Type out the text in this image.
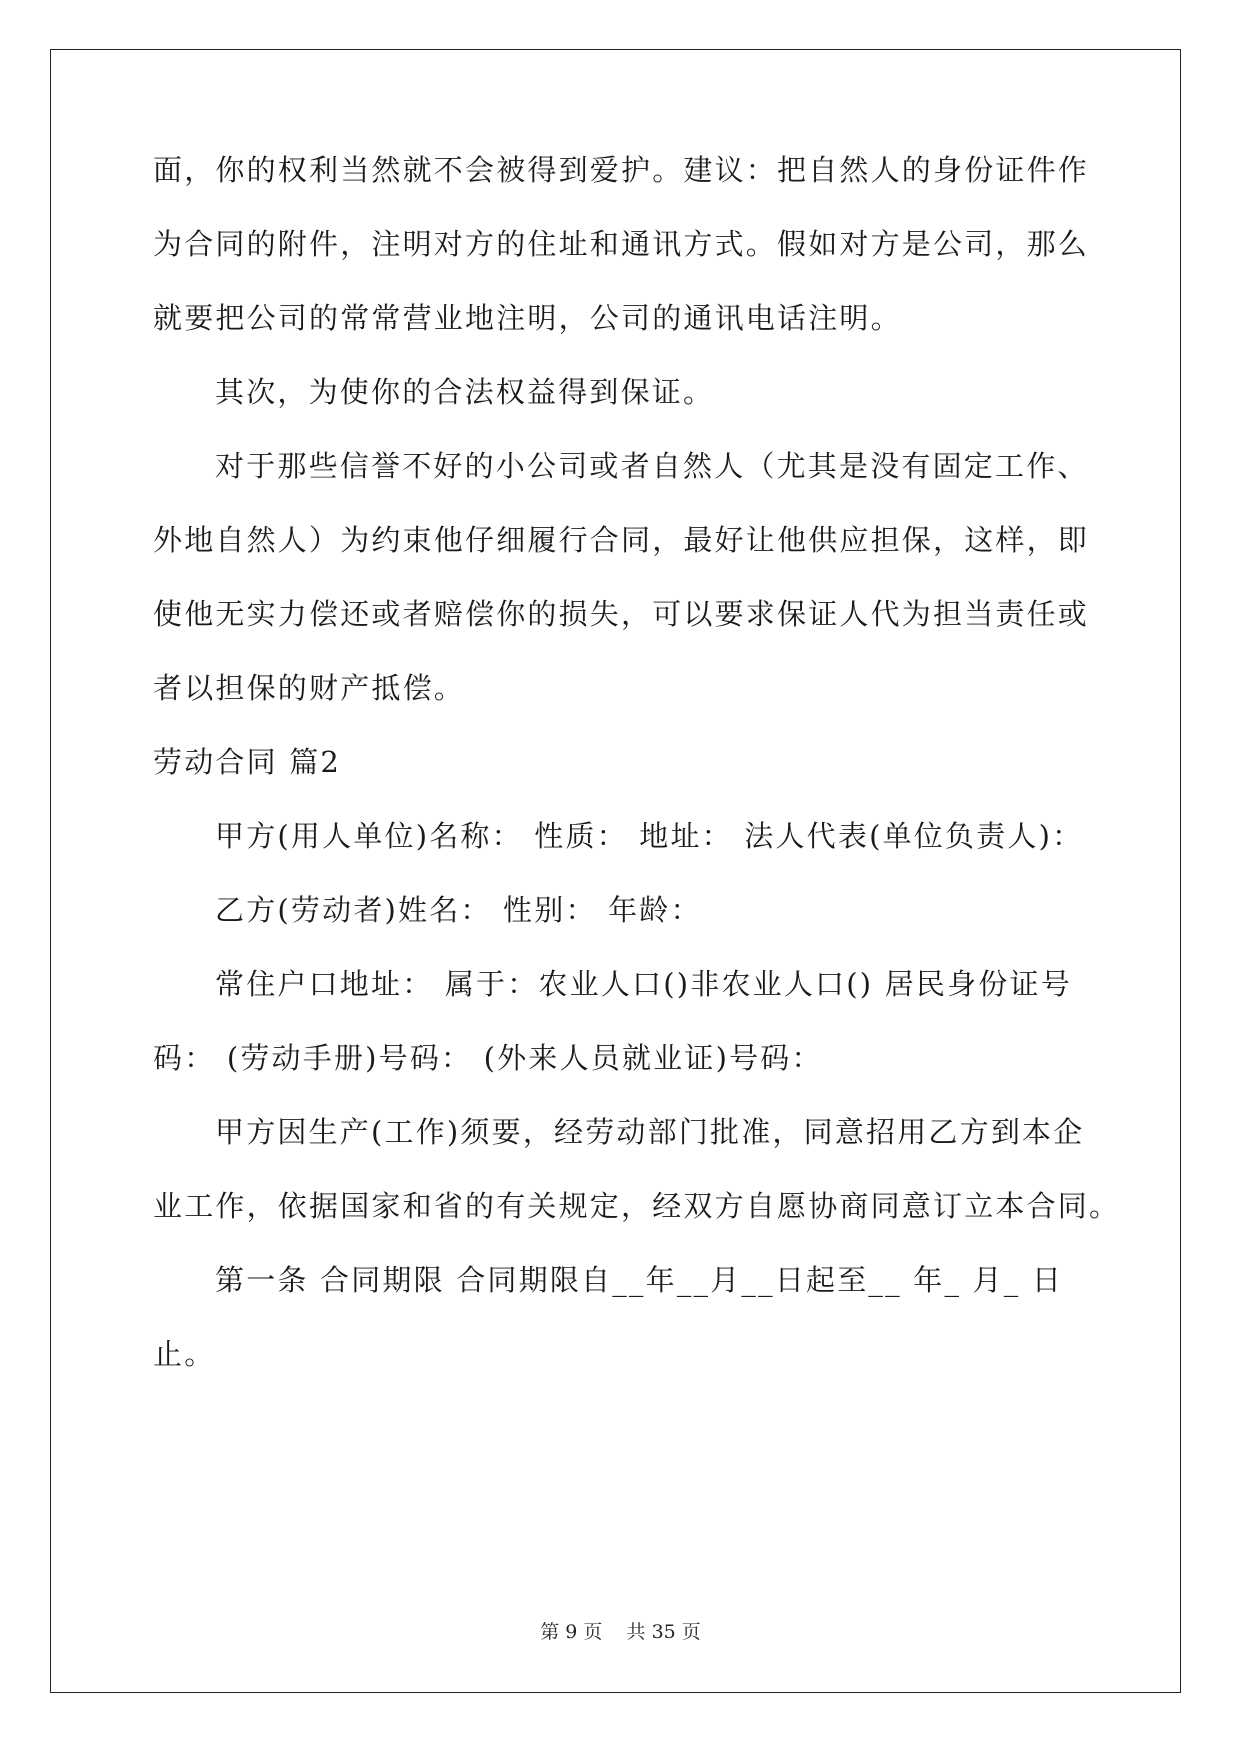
面，你的权利当然就不会被得到爱护。建议：把自然人的身份证件作
为合同的附件，注明对方的住址和通讯方式。假如对方是公司，那么
就要把公司的常常营业地注明，公司的通讯电话注明。
其次，为使你的合法权益得到保证。
对于那些信誉不好的小公司或者自然人（尤其是没有固定工作、
外地自然人）为约束他仔细履行合同，最好让他供应担保，这样，即
使他无实力偿还或者赔偿你的损失，可以要求保证人代为担当责任或
者以担保的财产抵偿。
劳动合同 篇2
甲方(用人单位)名称： 性质： 地址： 法人代表(单位负责人)：
乙方(劳动者)姓名： 性别： 年龄：
常住户口地址： 属于：农业人口()非农业人口() 居民身份证号
码： (劳动手册)号码： (外来人员就业证)号码：
甲方因生产(工作)须要，经劳动部门批准，同意招用乙方到本企
业工作，依据国家和省的有关规定，经双方自愿协商同意订立本合同。
第一条 合同期限 合同期限自__年__月__日起至__ 年_ 月_ 日
止。
第 9 页    共 35 页
